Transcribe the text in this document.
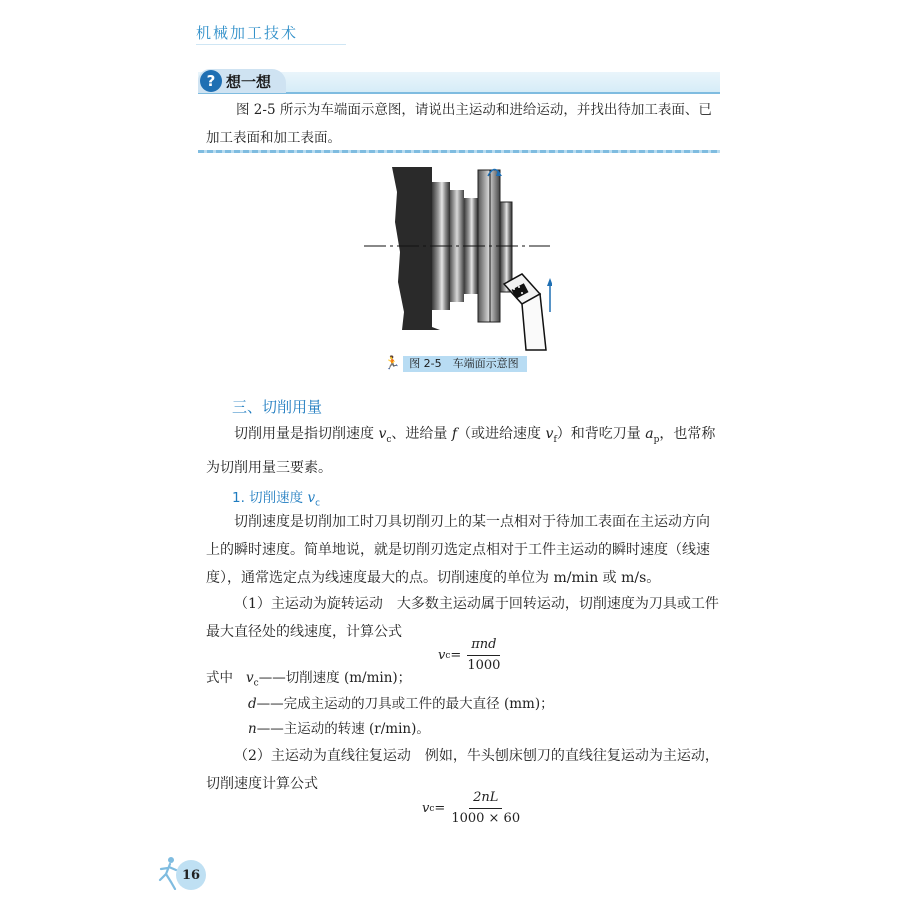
机械加工技术
? 想一想
图 2-5 所示为车端面示意图，请说出主运动和进给运动，并找出待加工表面、已加工表面和加工表面。
🏃 图 2-5　车端面示意图
三、切削用量
切削用量是指切削速度 $v_c$、进给量 f（或进给速度 $v_f$）和背吃刀量 $a_p$，也常称为切削用量三要素。
1. 切削速度 $v_c$
切削速度是切削加工时刀具切削刃上的某一点相对于待加工表面在主运动方向上的瞬时速度。简单地说，就是切削刃选定点相对于工件主运动的瞬时速度（线速度），通常选定点为线速度最大的点。切削速度的单位为 m/min 或 m/s。
（1）主运动为旋转运动　大多数主运动属于回转运动，切削速度为刀具或工件最大直径处的线速度，计算公式
v $c = \frac{\text{πnd}}{1000}$
式中 $v_c——$切削速度 (m/min)；
d——完成主运动的刀具或工件的最大直径 (mm)；
n——主运动的转速 (r/min)。
（2）主运动为直线往复运动　例如，牛头刨床刨刀的直线往复运动为主运动，切削速度计算公式
v $c = \frac{2nL}{1000 \times 60}$
16
